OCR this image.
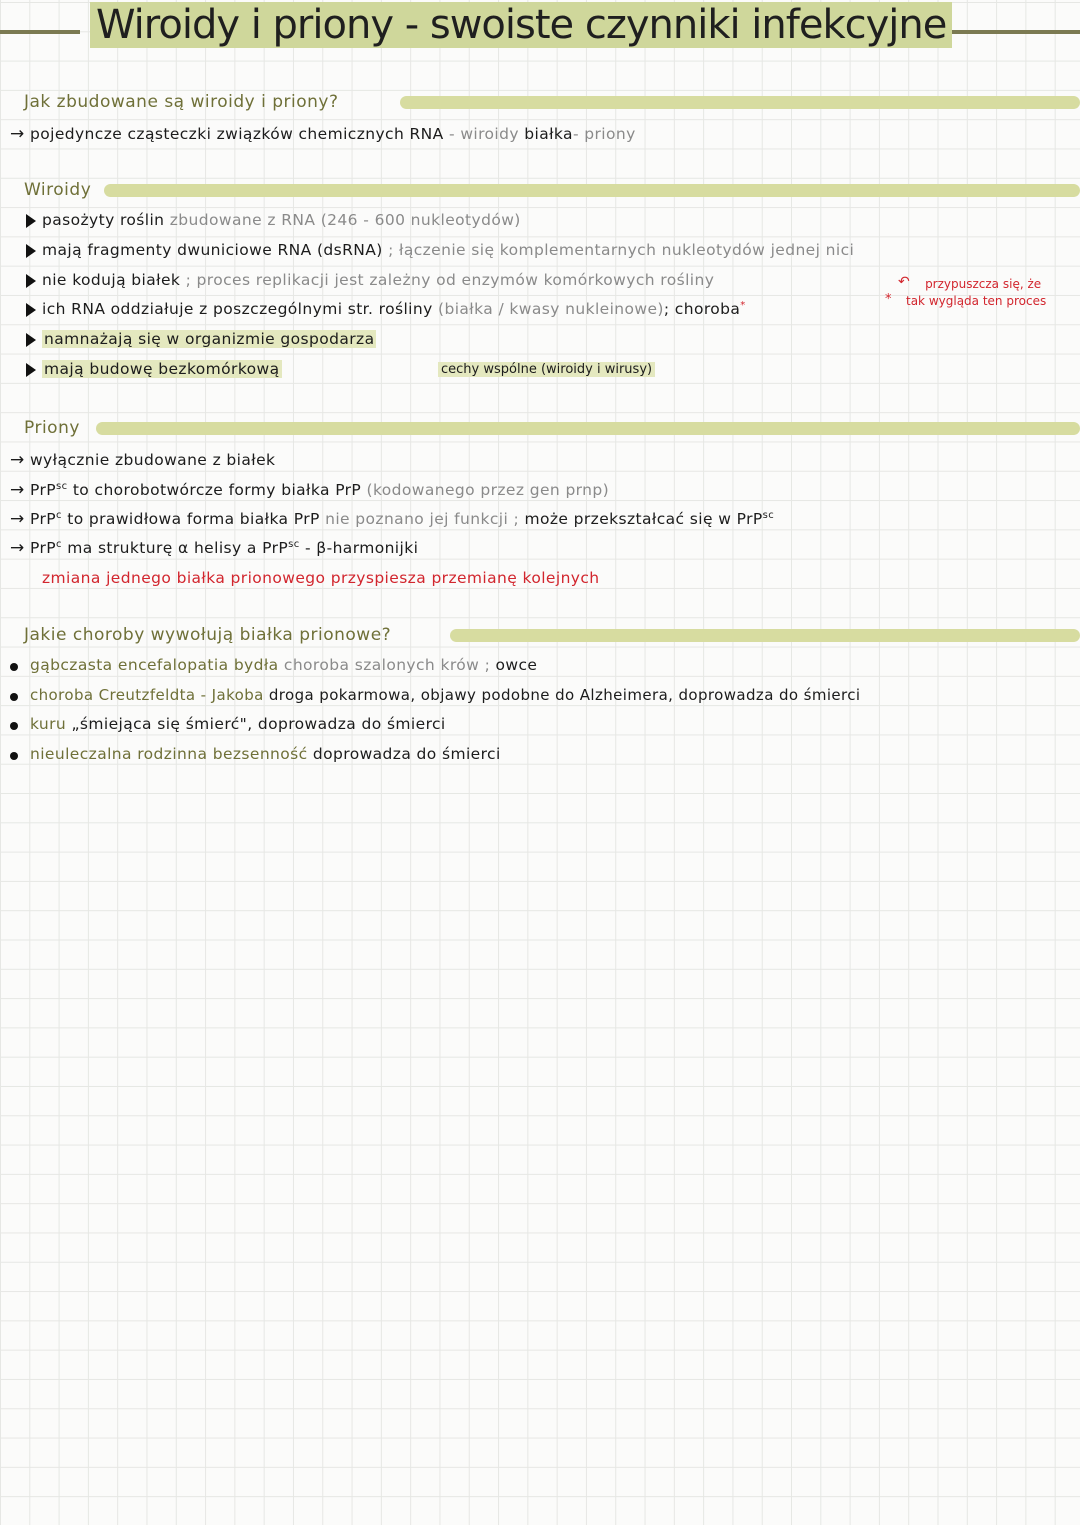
Wiroidy i priony - swoiste czynniki infekcyjne
Jak zbudowane są wiroidy i priony?
→ pojedyncze cząsteczki związków chemicznych RNA - wiroidy białka- priony
Wiroidy
pasożyty roślin zbudowane z RNA (246 - 600 nukleotydów)
mają fragmenty dwuniciowe RNA (dsRNA) ; łączenie się komplementarnych nukleotydów jednej nici
nie kodują białek ; proces replikacji jest zależny od enzymów komórkowych rośliny
ich RNA oddziałuje z poszczególnymi str. rośliny (białka / kwasy nukleinowe); choroba*
namnażają się w organizmie gospodarza
mają budowę bezkomórkową	cechy wspólne (wiroidy i wirusy)
↶	przypuszcza się, że
tak wygląda ten proces
*
Priony
→ wyłącznie zbudowane z białek
→ PrP$^{sc}$ to chorobotwórcze formy białka PrP (kodowanego przez gen prnp)
→ PrP$^c$ to prawidłowa forma białka PrP nie poznano jej funkcji ; może przekształcać się w PrP$^{sc}$
→ PrP$^c$ ma strukturę α helisy a PrP$^{sc}$ - β-harmonijki
zmiana jednego białka prionowego przyspiesza przemianę kolejnych
Jakie choroby wywołują białka prionowe?
gąbczasta encefalopatia bydła choroba szalonych krów ; owce
choroba Creutzfeldta - Jakoba droga pokarmowa, objawy podobne do Alzheimera, doprowadza do śmierci
kuru „śmiejąca się śmierć", doprowadza do śmierci
nieuleczalna rodzinna bezsenność doprowadza do śmierci
